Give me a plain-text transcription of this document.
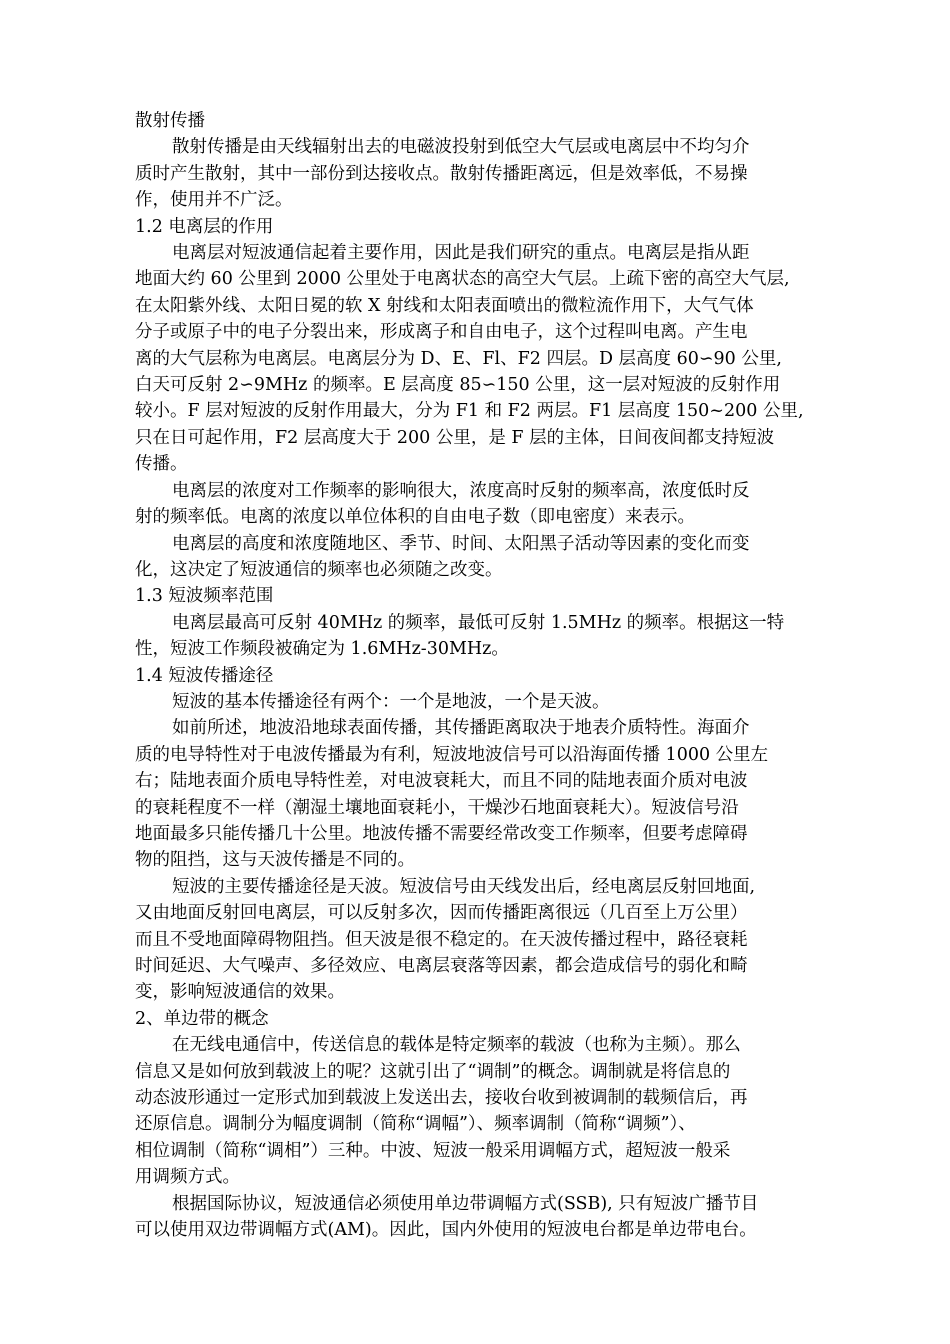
散射传播
散射传播是由天线辐射出去的电磁波投射到低空大气层或电离层中不均匀介
质时产生散射，其中一部份到达接收点。散射传播距离远，但是效率低，不易操
作，使用并不广泛。
1.2 电离层的作用
电离层对短波通信起着主要作用，因此是我们研究的重点。电离层是指从距
地面大约 60 公里到 2000 公里处于电离状态的高空大气层。上疏下密的高空大气层,
在太阳紫外线、太阳日冕的软 X 射线和太阳表面喷出的微粒流作用下，大气气体
分子或原子中的电子分裂出来，形成离子和自由电子，这个过程叫电离。产生电
离的大气层称为电离层。电离层分为 D、E、Fl、F2 四层。D 层高度 60∽90 公里,
白天可反射 2∽9MHz 的频率。E 层高度 85∽150 公里，这一层对短波的反射作用
较小。F 层对短波的反射作用最大，分为 F1 和 F2 两层。F1 层高度 150~200 公里,
只在日可起作用，F2 层高度大于 200 公里，是 F 层的主体，日间夜间都支持短波
传播。
电离层的浓度对工作频率的影响很大，浓度高时反射的频率高，浓度低时反
射的频率低。电离的浓度以单位体积的自由电子数（即电密度）来表示。
电离层的高度和浓度随地区、季节、时间、太阳黑子活动等因素的变化而变
化，这决定了短波通信的频率也必须随之改变。
1.3 短波频率范围
电离层最高可反射 40MHz 的频率，最低可反射 1.5MHz 的频率。根据这一特
性，短波工作频段被确定为 1.6MHz-30MHz。
1.4 短波传播途径
短波的基本传播途径有两个：一个是地波，一个是天波。
如前所述，地波沿地球表面传播，其传播距离取决于地表介质特性。海面介
质的电导特性对于电波传播最为有利，短波地波信号可以沿海面传播 1000 公里左
右；陆地表面介质电导特性差，对电波衰耗大，而且不同的陆地表面介质对电波
的衰耗程度不一样（潮湿土壤地面衰耗小，干燥沙石地面衰耗大）。短波信号沿
地面最多只能传播几十公里。地波传播不需要经常改变工作频率，但要考虑障碍
物的阻挡，这与天波传播是不同的。
短波的主要传播途径是天波。短波信号由天线发出后，经电离层反射回地面,
又由地面反射回电离层，可以反射多次，因而传播距离很远（几百至上万公里）
而且不受地面障碍物阻挡。但天波是很不稳定的。在天波传播过程中，路径衰耗
时间延迟、大气噪声、多径效应、电离层衰落等因素，都会造成信号的弱化和畸
变，影响短波通信的效果。
2、单边带的概念
在无线电通信中，传送信息的载体是特定频率的载波（也称为主频）。那么
信息又是如何放到载波上的呢？这就引出了“调制”的概念。调制就是将信息的
动态波形通过一定形式加到载波上发送出去，接收台收到被调制的载频信后，再
还原信息。调制分为幅度调制（简称“调幅”）、频率调制（简称“调频”）、
相位调制（简称“调相”）三种。中波、短波一般采用调幅方式，超短波一般采
用调频方式。
根据国际协议，短波通信必须使用单边带调幅方式(SSB), 只有短波广播节目
可以使用双边带调幅方式(AM)。因此，国内外使用的短波电台都是单边带电台。
